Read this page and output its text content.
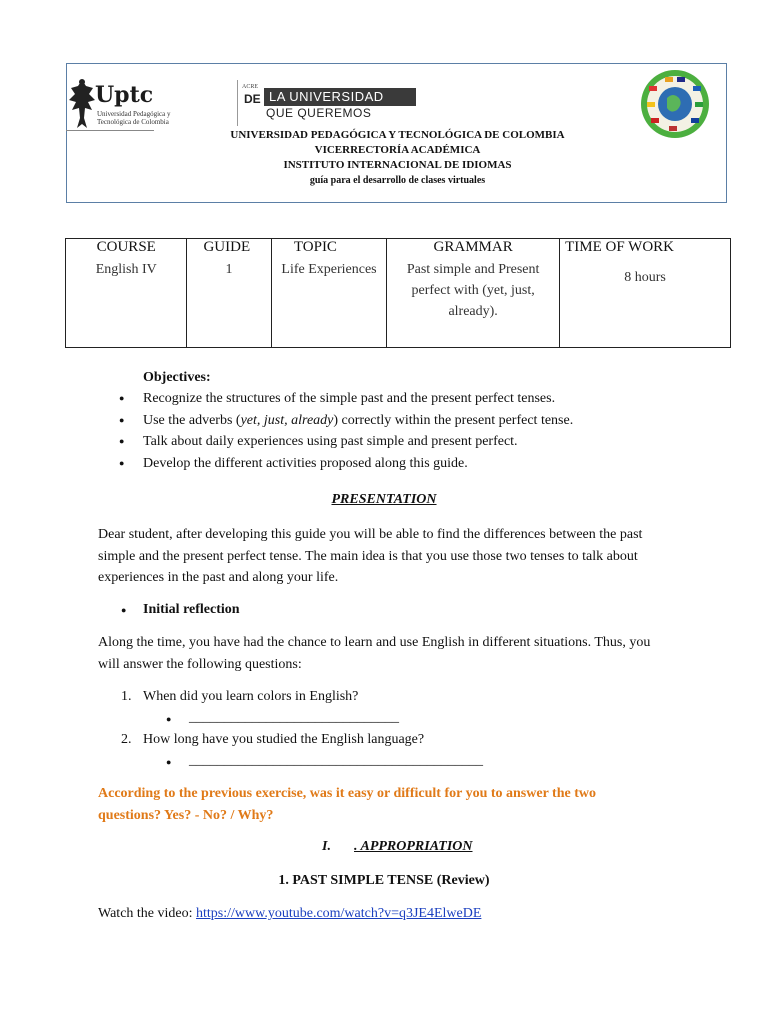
Uptc
Universidad Pedagógica y Tecnológica de Colombia
ACRE
DE LA UNIVERSIDAD
QUE QUEREMOS
UNIVERSIDAD PEDAGÓGICA Y TECNOLÓGICA DE COLOMBIA
VICERRECTORÍA ACADÉMICA
INSTITUTO INTERNACIONAL DE IDIOMAS
guía para el desarrollo de clases virtuales
COURSE	GUIDE	TOPIC	GRAMMAR	TIME OF WORK
English IV	1	Life Experiences	Past simple and Present perfect with (yet, just, already).	8 hours
Objectives:
● Recognize the structures of the simple past and the present perfect tenses.
● Use the adverbs (yet, just, already) correctly within the present perfect tense.
● Talk about daily experiences using past simple and present perfect.
● Develop the different activities proposed along this guide.
PRESENTATION
Dear student, after developing this guide you will be able to find the differences between the past
simple and the present perfect tense. The main idea is that you use those two tenses to talk about
experiences in the past and along your life.
● Initial reflection
Along the time, you have had the chance to learn and use English in different situations. Thus, you
will answer the following questions:
1. When did you learn colors in English?
● ______________________________
2. How long have you studied the English language?
● __________________________________________
According to the previous exercise, was it easy or difficult for you to answer the two
questions? Yes? - No? / Why?
I. . APPROPRIATION
1. PAST SIMPLE TENSE (Review)
Watch the video: https://www.youtube.com/watch?v=q3JE4ElweDE
